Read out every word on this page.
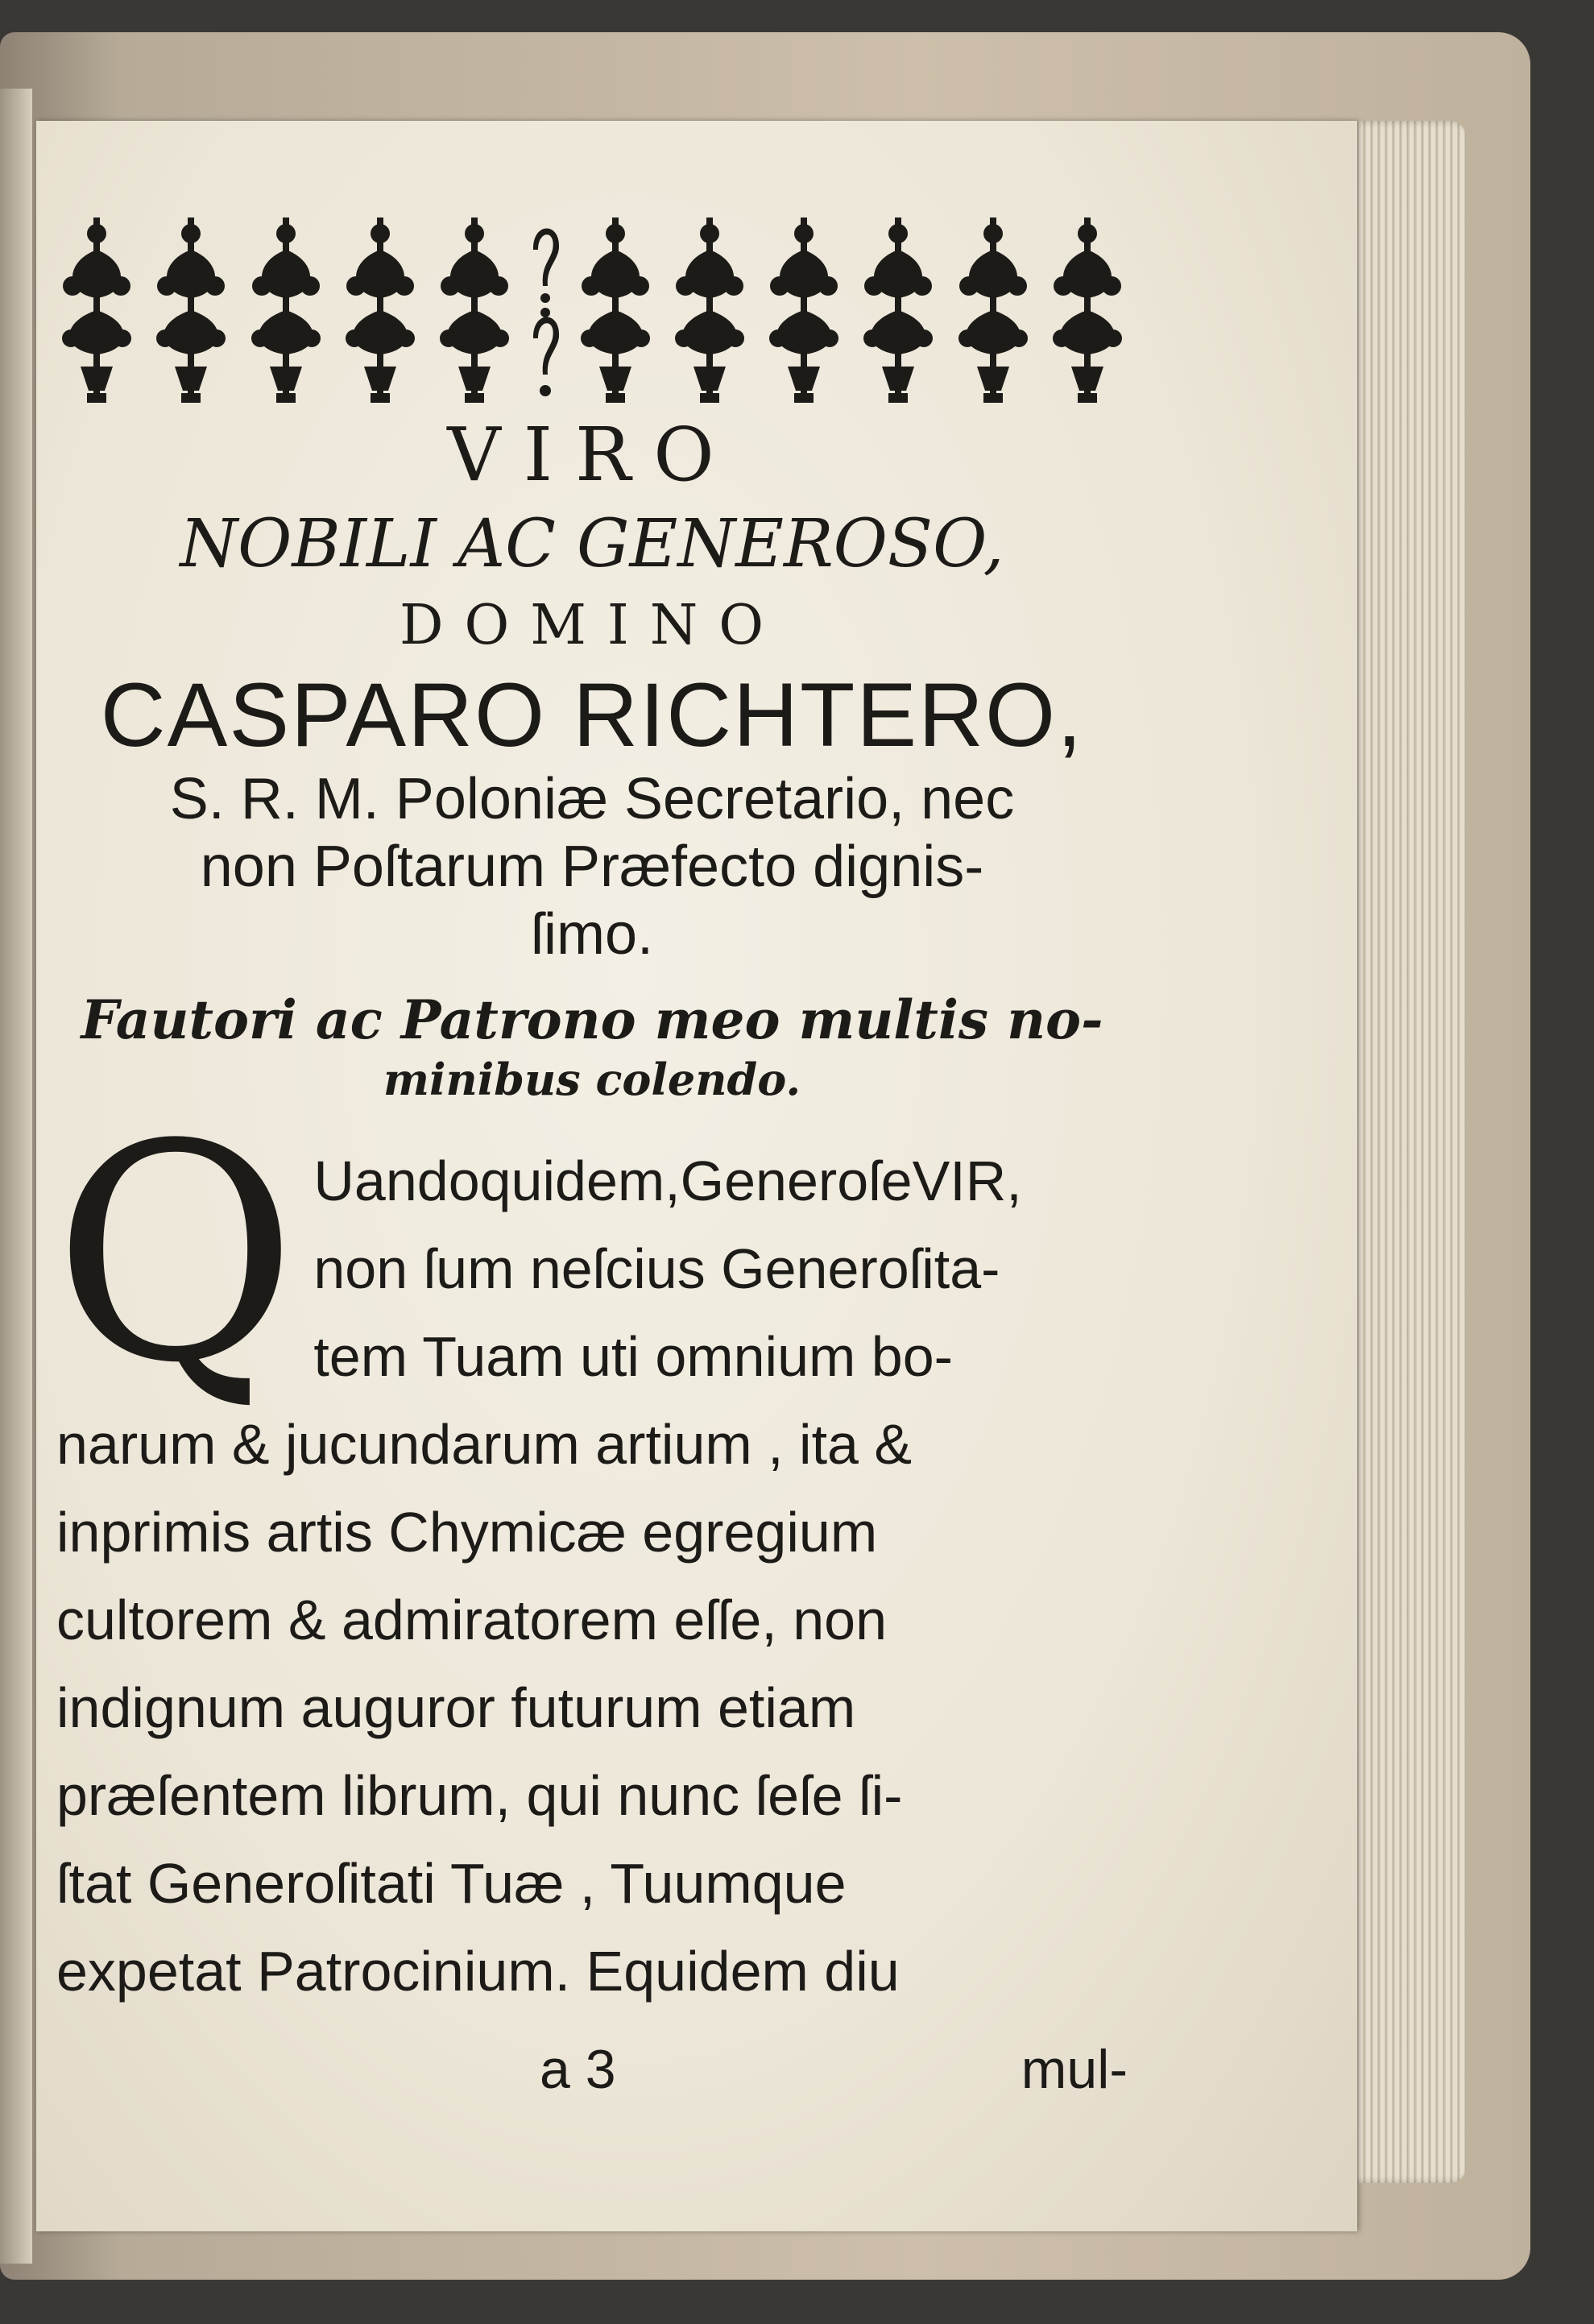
VIRO
NOBILI AC GENEROSO,
DOMINO
CASPARO RICHTERO,
S. R. M. Poloniæ Secretario, nec
non Poſtarum Præfecto dignis-
ſimo.
Fautori ac Patrono meo multis no-
minibus colendo.
Q Uandoquidem,GeneroſeVIR,
non ſum neſcius Generoſita-
tem Tuam uti omnium bo-
narum & jucundarum artium , ita &
inprimis artis Chymicæ egregium
cultorem & admiratorem eſſe, non
indignum auguror futurum etiam
præſentem librum, qui nunc ſeſe ſi-
ſtat Generoſitati Tuæ , Tuumque
expetat Patrocinium. Equidem diu
a 3	mul-
